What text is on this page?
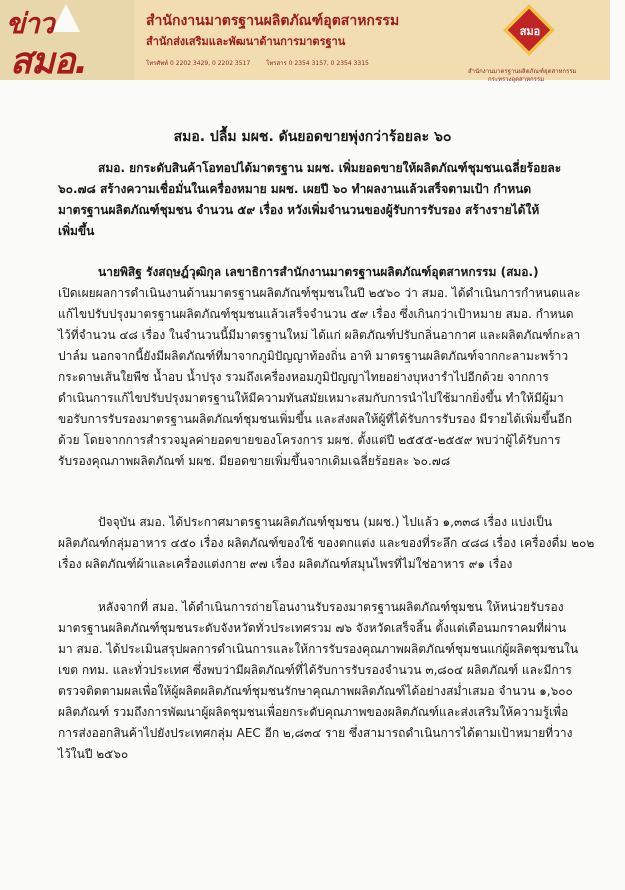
ข่าว
สมอ.
สำนักงานมาตรฐานผลิตภัณฑ์อุตสาหกรรม
สำนักส่งเสริมและพัฒนาด้านการมาตรฐาน
โทรศัพท์ 0 2202 3429, 0 2202 3517	โทรสาร 0 2354 3157, 0 2354 3315
สมอ
สำนักงานมาตรฐานผลิตภัณฑ์อุตสาหกรรม
กระทรวงอุตสาหกรรม
สมอ. ปลื้ม มผช. ดันยอดขายพุ่งกว่าร้อยละ ๖๐

สมอ. ยกระดับสินค้าโอทอปได้มาตรฐาน มผช. เพิ่มยอดขายให้ผลิตภัณฑ์ชุมชนเฉลี่ยร้อยละ

๖๐.๗๘ สร้างความเชื่อมั่นในเครื่องหมาย มผช. เผยปี ๖๐ ทำผลงานแล้วเสร็จตามเป้า กำหนด

มาตรฐานผลิตภัณฑ์ชุมชน จำนวน ๕๙ เรื่อง หวังเพิ่มจำนวนของผู้รับการรับรอง สร้างรายได้ให้

เพิ่มขึ้น

นายพิสิฐ รังสฤษฎ์วุฒิกุล เลขาธิการสำนักงานมาตรฐานผลิตภัณฑ์อุตสาหกรรม (สมอ.)

เปิดเผยผลการดำเนินงานด้านมาตรฐานผลิตภัณฑ์ชุมชนในปี ๒๕๖๐ ว่า สมอ. ได้ดำเนินการกำหนดและ

แก้ไขปรับปรุงมาตรฐานผลิตภัณฑ์ชุมชนแล้วเสร็จจำนวน ๕๙ เรื่อง ซึ่งเกินกว่าเป้าหมาย สมอ. กำหนด

ไว้ที่จำนวน ๔๘ เรื่อง ในจำนวนนี้มีมาตรฐานใหม่ ได้แก่ ผลิตภัณฑ์ปรับกลิ่นอากาศ และผลิตภัณฑ์กะลา

ปาล์ม นอกจากนี้ยังมีผลิตภัณฑ์ที่มาจากภูมิปัญญาท้องถิ่น อาทิ มาตรฐานผลิตภัณฑ์จากกะลามะพร้าว

กระดาษเส้นใยพืช น้ำอบ น้ำปรุง รวมถึงเครื่องหอมภูมิปัญญาไทยอย่างบุหงารำไปอีกด้วย จากการ

ดำเนินการแก้ไขปรับปรุงมาตรฐานให้มีความทันสมัยเหมาะสมกับการนำไปใช้มากยิ่งขึ้น ทำให้มีผู้มา

ขอรับการรับรองมาตรฐานผลิตภัณฑ์ชุมชนเพิ่มขึ้น และส่งผลให้ผู้ที่ได้รับการรับรอง มีรายได้เพิ่มขึ้นอีก

ด้วย โดยจากการสำรวจมูลค่ายอดขายของโครงการ มผช. ตั้งแต่ปี ๒๕๕๕-๒๕๕๙ พบว่าผู้ได้รับการ

รับรองคุณภาพผลิตภัณฑ์ มผช. มียอดขายเพิ่มขึ้นจากเดิมเฉลี่ยร้อยละ ๖๐.๗๘

ปัจจุบัน สมอ. ได้ประกาศมาตรฐานผลิตภัณฑ์ชุมชน (มผช.) ไปแล้ว ๑,๓๓๘ เรื่อง แบ่งเป็น

ผลิตภัณฑ์กลุ่มอาหาร ๔๕๐ เรื่อง ผลิตภัณฑ์ของใช้ ของตกแต่ง และของที่ระลึก ๔๘๘ เรื่อง เครื่องดื่ม ๒๐๒

เรื่อง ผลิตภัณฑ์ผ้าและเครื่องแต่งกาย ๙๗ เรื่อง ผลิตภัณฑ์สมุนไพรที่ไม่ใช่อาหาร ๙๑ เรื่อง

หลังจากที่ สมอ. ได้ดำเนินการถ่ายโอนงานรับรองมาตรฐานผลิตภัณฑ์ชุมชน ให้หน่วยรับรอง

มาตรฐานผลิตภัณฑ์ชุมชนระดับจังหวัดทั่วประเทศรวม ๗๖ จังหวัดเสร็จสิ้น ตั้งแต่เดือนมกราคมที่ผ่าน

มา สมอ. ได้ประเมินสรุปผลการดำเนินการและให้การรับรองคุณภาพผลิตภัณฑ์ชุมชนแก่ผู้ผลิตชุมชนใน

เขต กทม. และทั่วประเทศ ซึ่งพบว่ามีผลิตภัณฑ์ที่ได้รับการรับรองจำนวน ๓,๘๐๔ ผลิตภัณฑ์ และมีการ

ตรวจติดตามผลเพื่อให้ผู้ผลิตผลิตภัณฑ์ชุมชนรักษาคุณภาพผลิตภัณฑ์ได้อย่างสม่ำเสมอ จำนวน ๑,๖๐๐

ผลิตภัณฑ์ รวมถึงการพัฒนาผู้ผลิตชุมชนเพื่อยกระดับคุณภาพของผลิตภัณฑ์และส่งเสริมให้ความรู้เพื่อ

การส่งออกสินค้าไปยังประเทศกลุ่ม AEC อีก ๒,๘๓๔ ราย ซึ่งสามารถดำเนินการได้ตามเป้าหมายที่วาง

ไว้ในปี ๒๕๖๐
